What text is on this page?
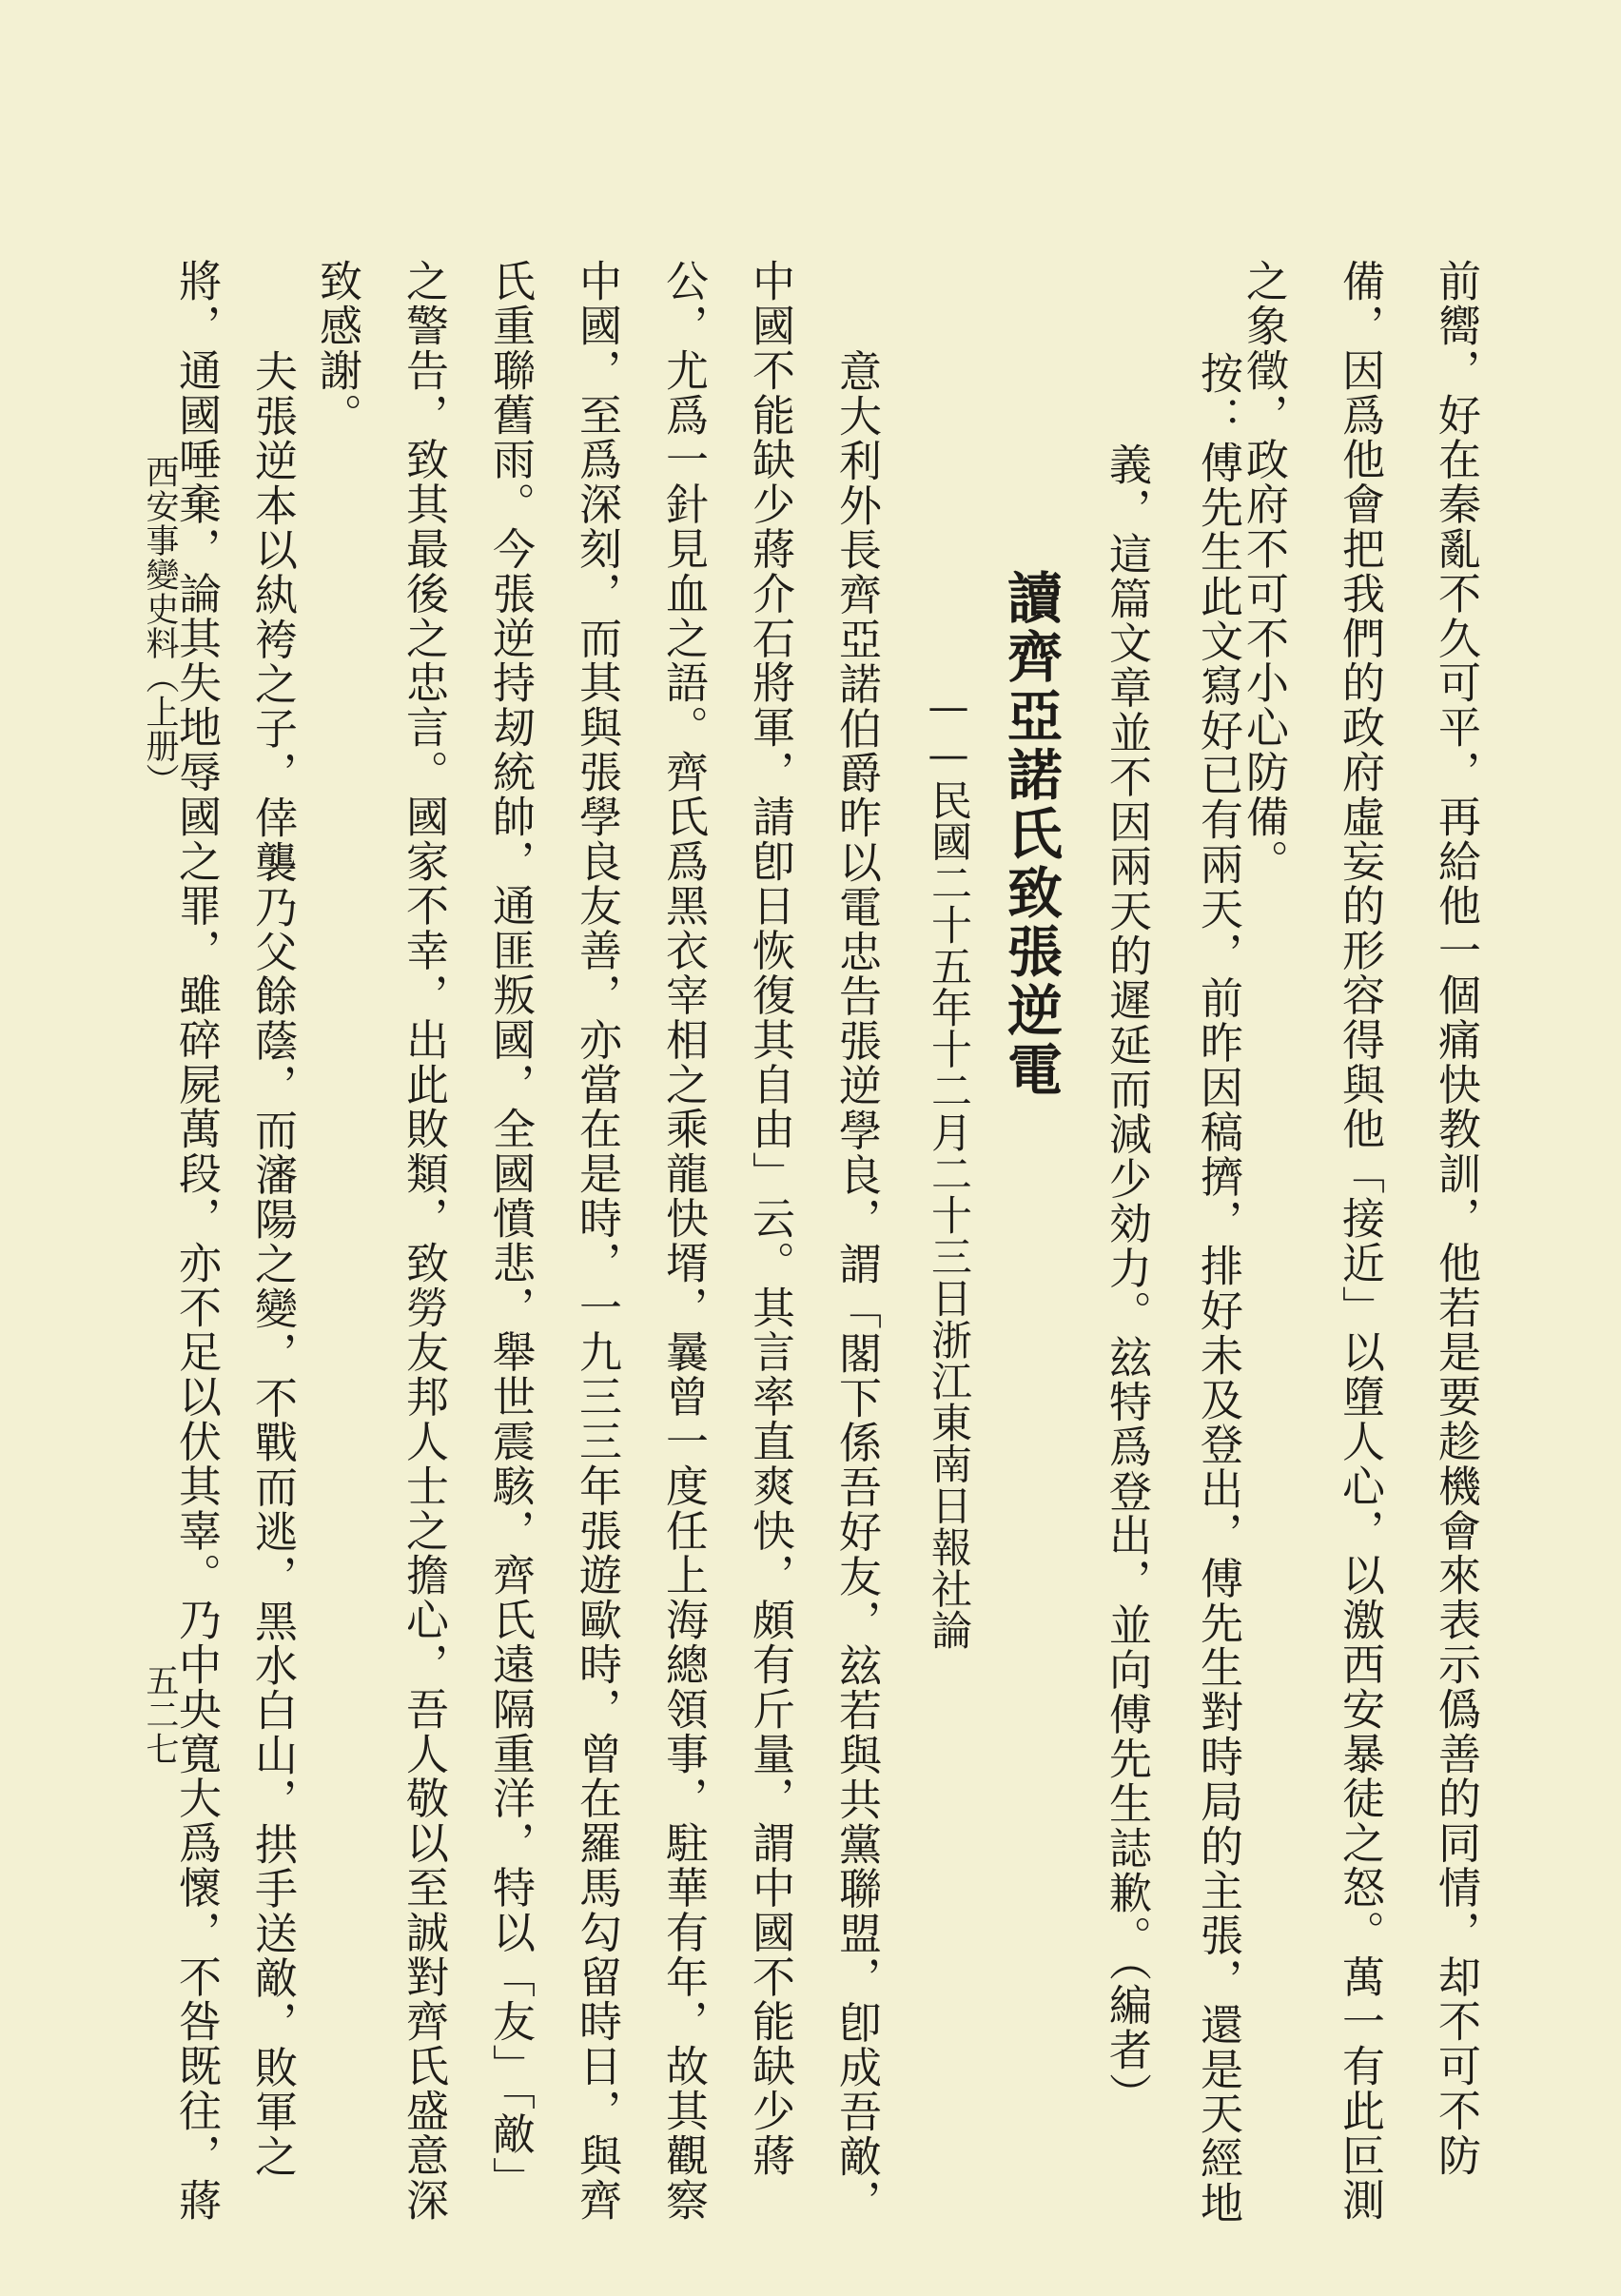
前嚮，好在秦亂不久可平，再給他一個痛快教訓，他若是要趁機會來表示僞善的同情，却不可不防

備，因爲他會把我們的政府虛妄的形容得與他「接近」以墮人心，以激西安暴徒之怒。萬一有此叵測

之象徵，政府不可不小心防備。

按：傅先生此文寫好已有兩天，前昨因稿擠，排好未及登出，傅先生對時局的主張，還是天經地

義，這篇文章並不因兩天的遲延而減少効力。玆特爲登出，並向傅先生誌歉。（編者）

讀齊亞諾氏致張逆電

——民國二十五年十二月二十三日浙江東南日報社論

意大利外長齊亞諾伯爵昨以電忠告張逆學良，謂「閣下係吾好友，玆若與共黨聯盟，卽成吾敵，

中國不能缺少蔣介石將軍，請卽日恢復其自由」云。其言率直爽快，頗有斤量，謂中國不能缺少蔣

公，尤爲一針見血之語。齊氏爲黑衣宰相之乘龍快壻，曩曾一度任上海總領事，駐華有年，故其觀察

中國，至爲深刻，而其與張學良友善，亦當在是時，一九三三年張遊歐時，曾在羅馬勾留時日，與齊

氏重聯舊雨。今張逆持刼統帥，通匪叛國，全國憤悲，舉世震駭，齊氏遠隔重洋，特以「友」「敵」

之警告，致其最後之忠言。國家不幸，出此敗類，致勞友邦人士之擔心，吾人敬以至誠對齊氏盛意深

致感謝。

夫張逆本以紈袴之子，倖襲乃父餘蔭，而瀋陽之變，不戰而逃，黑水白山，拱手送敵，敗軍之

將，通國唾棄，論其失地辱國之罪，雖碎屍萬段，亦不足以伏其辜。乃中央寬大爲懷，不咎既往，蔣

西安事變史料（上册）

五二七
